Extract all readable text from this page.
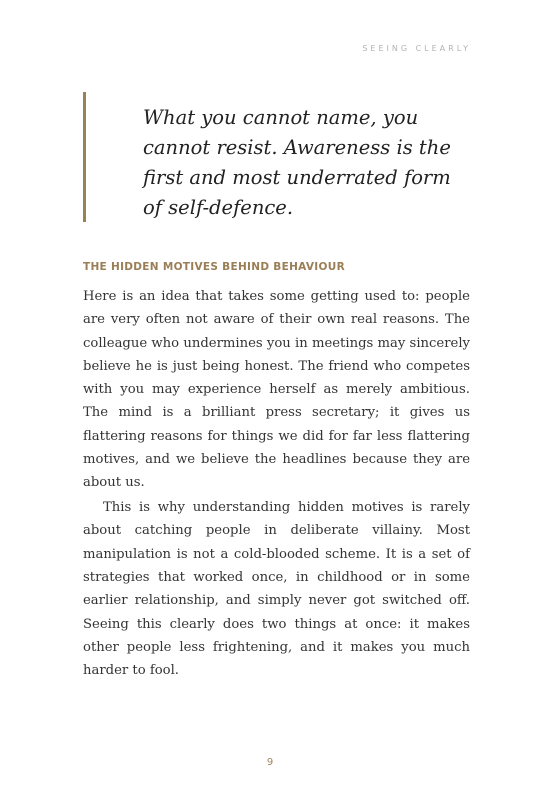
SEEING CLEARLY
What you cannot name, you cannot resist. Awareness is the first and most underrated form of self-defence.
THE HIDDEN MOTIVES BEHIND BEHAVIOUR

Here is an idea that takes some getting used to: people are very often not aware of their own real reasons. The colleague who undermines you in meetings may sincerely believe he is just being honest. The friend who competes with you may experience herself as merely ambitious. The mind is a brilliant press secretary; it gives us flattering reasons for things we did for far less flattering motives, and we believe the headlines because they are about us.

This is why understanding hidden motives is rarely about catching people in deliberate villainy. Most manipulation is not a cold-blooded scheme. It is a set of strategies that worked once, in childhood or in some earlier relationship, and simply never got switched off. Seeing this clearly does two things at once: it makes other people less frightening, and it makes you much harder to fool.

9
